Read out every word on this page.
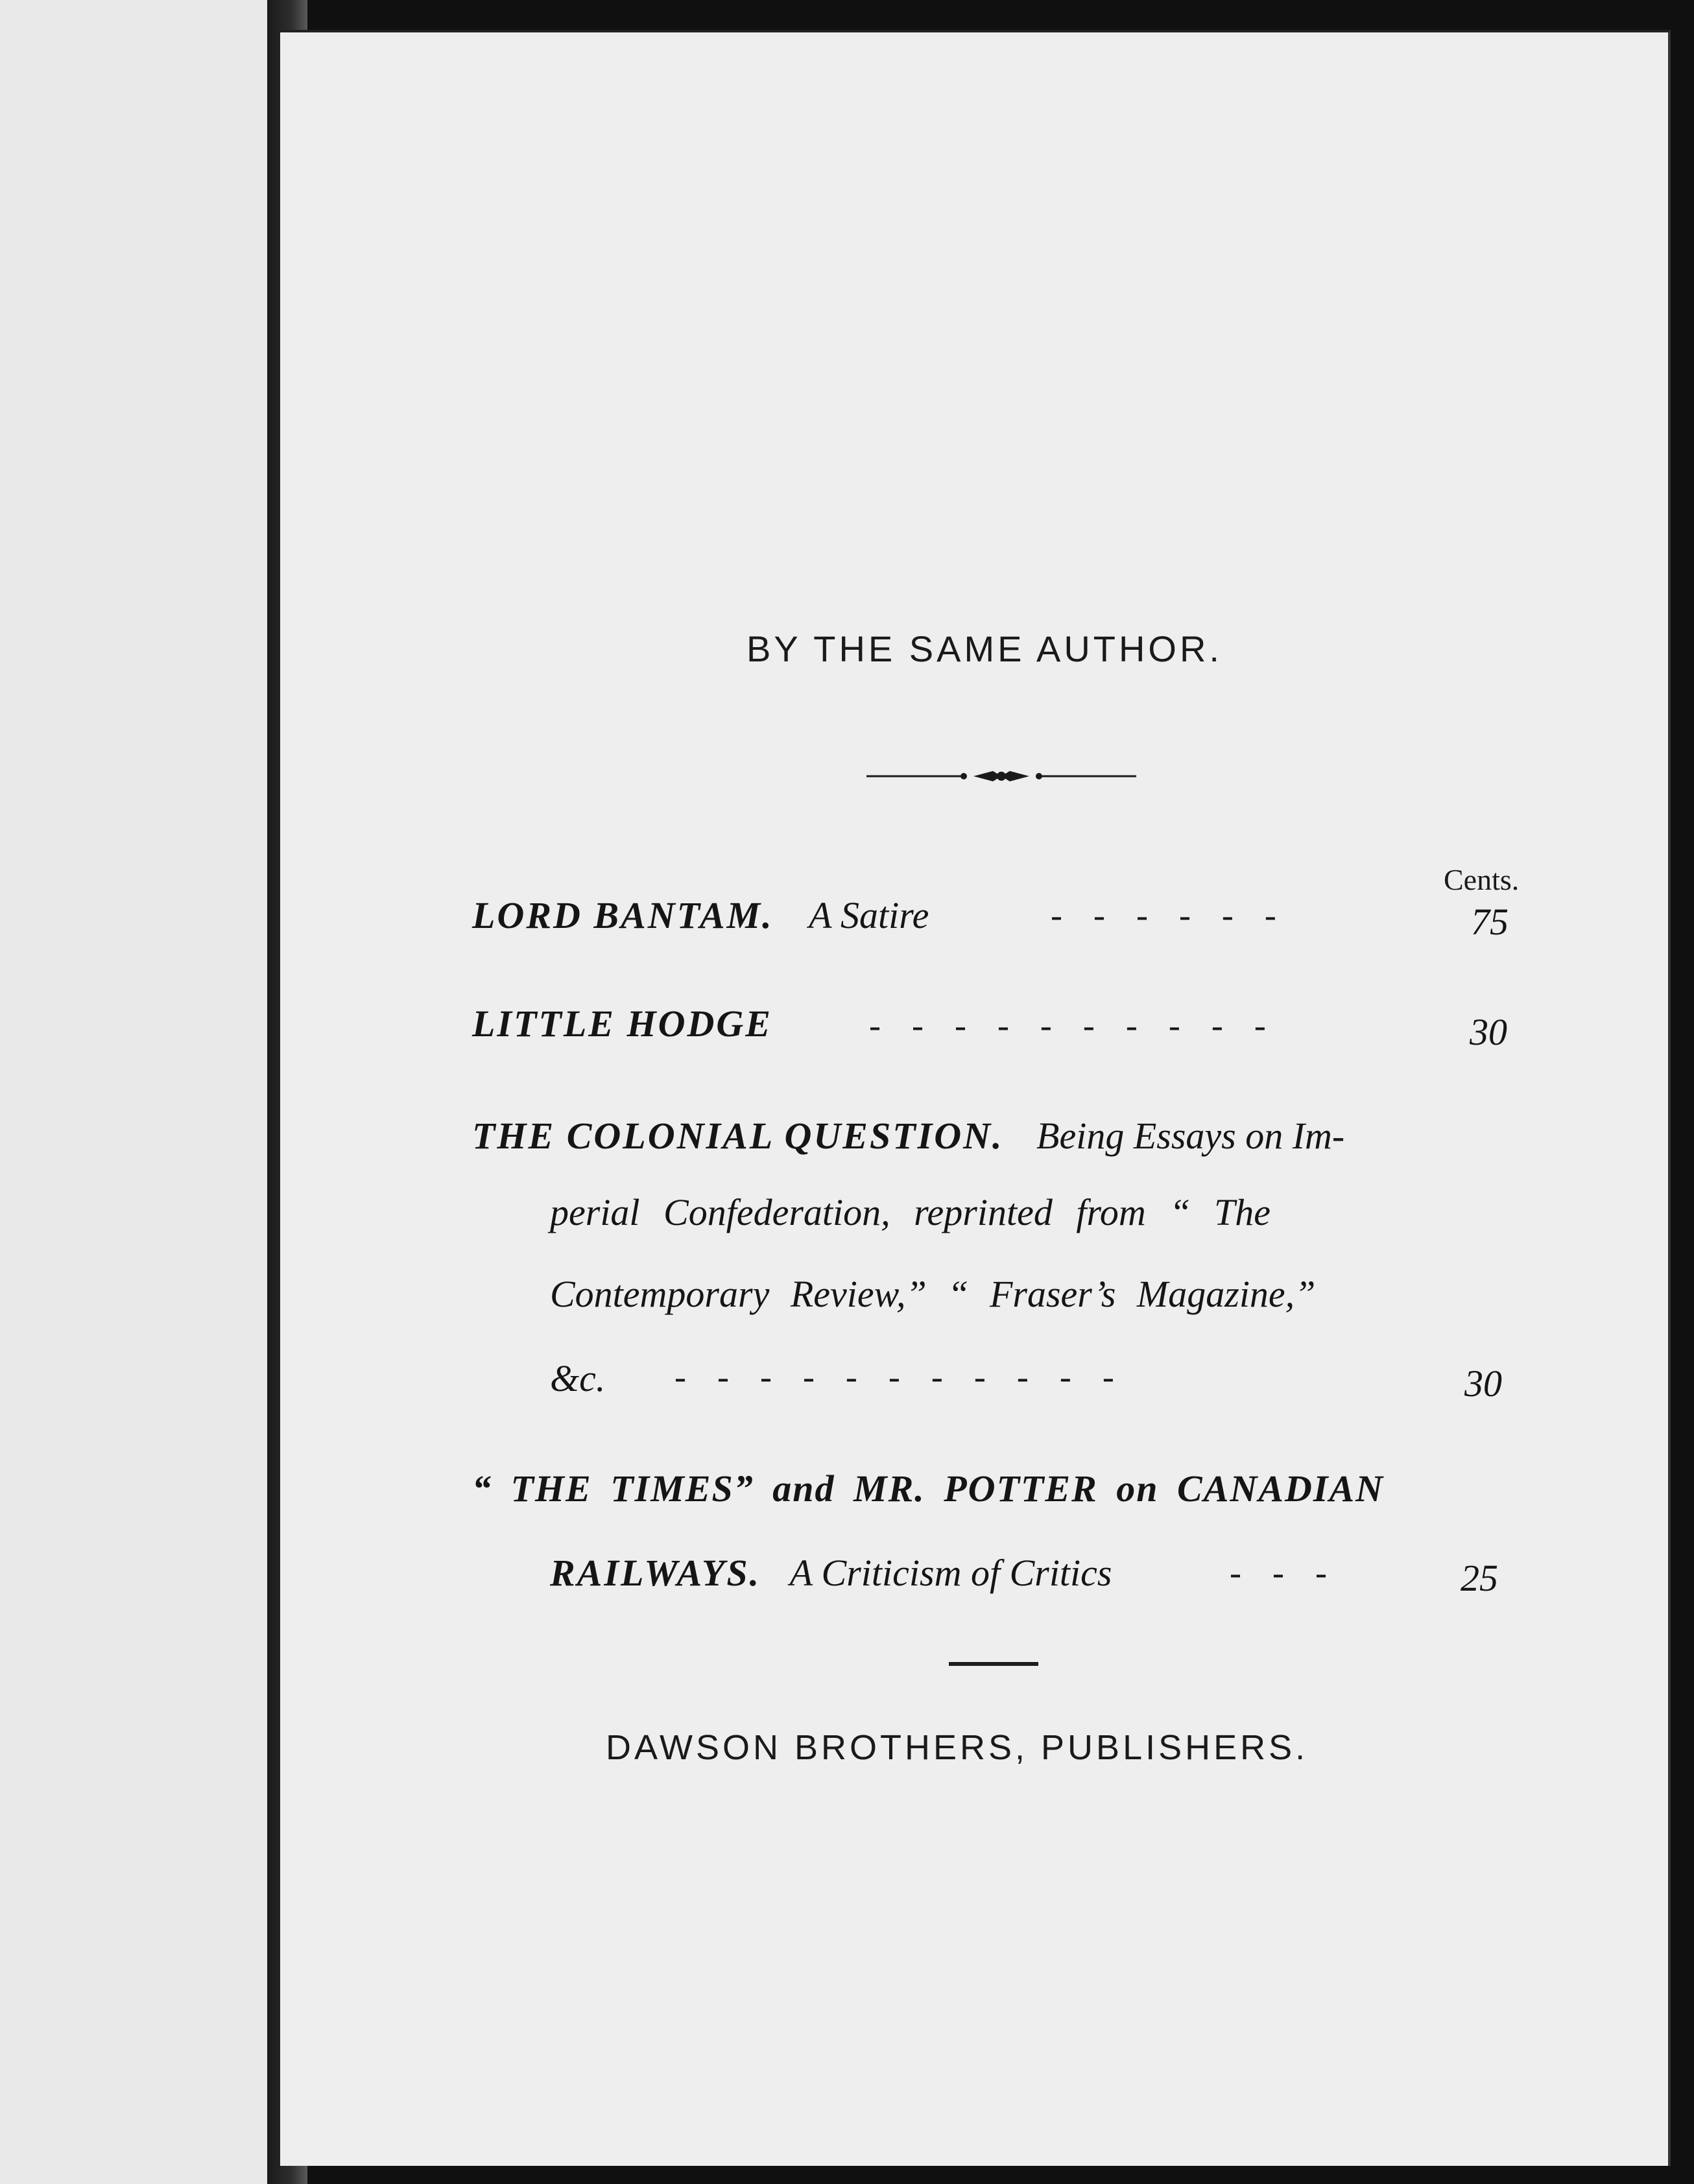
BY THE SAME AUTHOR.
Cents.
LORD BANTAM. A Satire	------	75
LITTLE HODGE	----------	30
THE COLONIAL QUESTION. Being Essays on Im-
perial Confederation, reprinted from “ The
Contemporary Review,” “ Fraser’s Magazine,”
&c. -----------	30
“ THE TIMES” and MR. POTTER on CANADIAN
RAILWAYS. A Criticism of Critics	---	25
DAWSON BROTHERS, PUBLISHERS.
